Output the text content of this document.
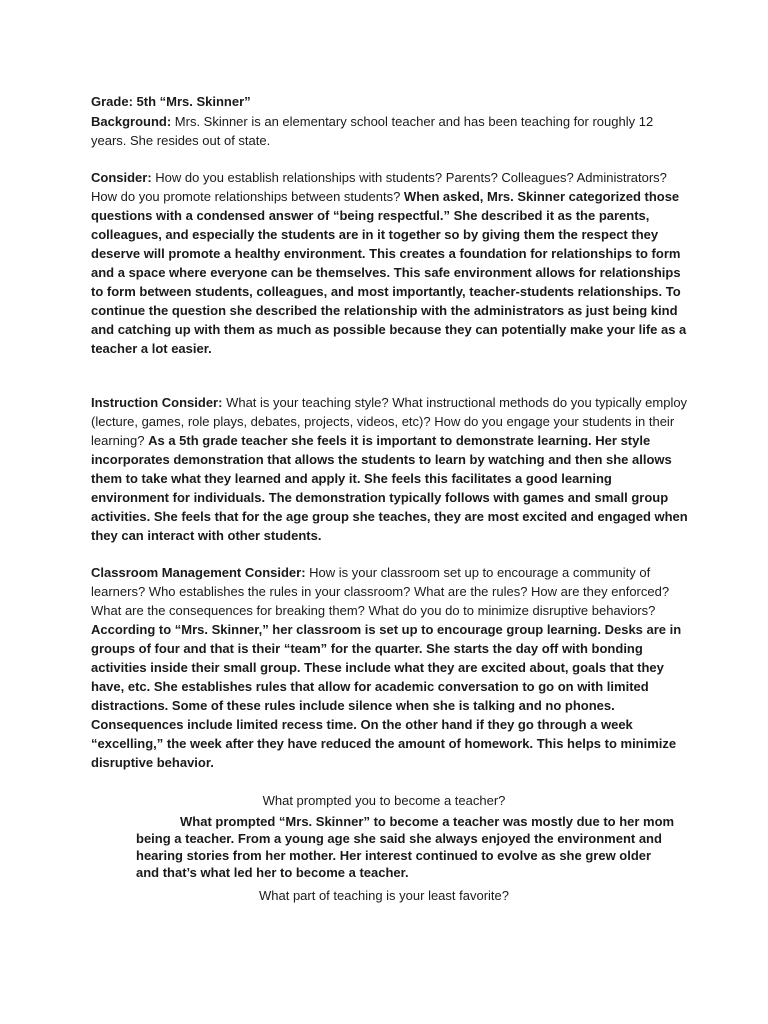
Grade: 5th “Mrs. Skinner”
Background: Mrs. Skinner is an elementary school teacher and has been teaching for roughly 12 years. She resides out of state.
Consider: How do you establish relationships with students? Parents? Colleagues? Administrators? How do you promote relationships between students? When asked, Mrs. Skinner categorized those questions with a condensed answer of “being respectful.” She described it as the parents, colleagues, and especially the students are in it together so by giving them the respect they deserve will promote a healthy environment. This creates a foundation for relationships to form and a space where everyone can be themselves. This safe environment allows for relationships to form between students, colleagues, and most importantly, teacher-students relationships. To continue the question she described the relationship with the administrators as just being kind and catching up with them as much as possible because they can potentially make your life as a teacher a lot easier.
Instruction Consider: What is your teaching style? What instructional methods do you typically employ (lecture, games, role plays, debates, projects, videos, etc)? How do you engage your students in their learning? As a 5th grade teacher she feels it is important to demonstrate learning. Her style incorporates demonstration that allows the students to learn by watching and then she allows them to take what they learned and apply it. She feels this facilitates a good learning environment for individuals. The demonstration typically follows with games and small group activities. She feels that for the age group she teaches, they are most excited and engaged when they can interact with other students.
Classroom Management Consider: How is your classroom set up to encourage a community of learners? Who establishes the rules in your classroom? What are the rules? How are they enforced? What are the consequences for breaking them? What do you do to minimize disruptive behaviors? According to “Mrs. Skinner,” her classroom is set up to encourage group learning. Desks are in groups of four and that is their “team” for the quarter. She starts the day off with bonding activities inside their small group. These include what they are excited about, goals that they have, etc. She establishes rules that allow for academic conversation to go on with limited distractions. Some of these rules include silence when she is talking and no phones. Consequences include limited recess time. On the other hand if they go through a week “excelling,” the week after they have reduced the amount of homework. This helps to minimize disruptive behavior.
What prompted you to become a teacher?
What prompted “Mrs. Skinner” to become a teacher was mostly due to her mom being a teacher. From a young age she said she always enjoyed the environment and hearing stories from her mother. Her interest continued to evolve as she grew older and that’s what led her to become a teacher.
What part of teaching is your least favorite?
